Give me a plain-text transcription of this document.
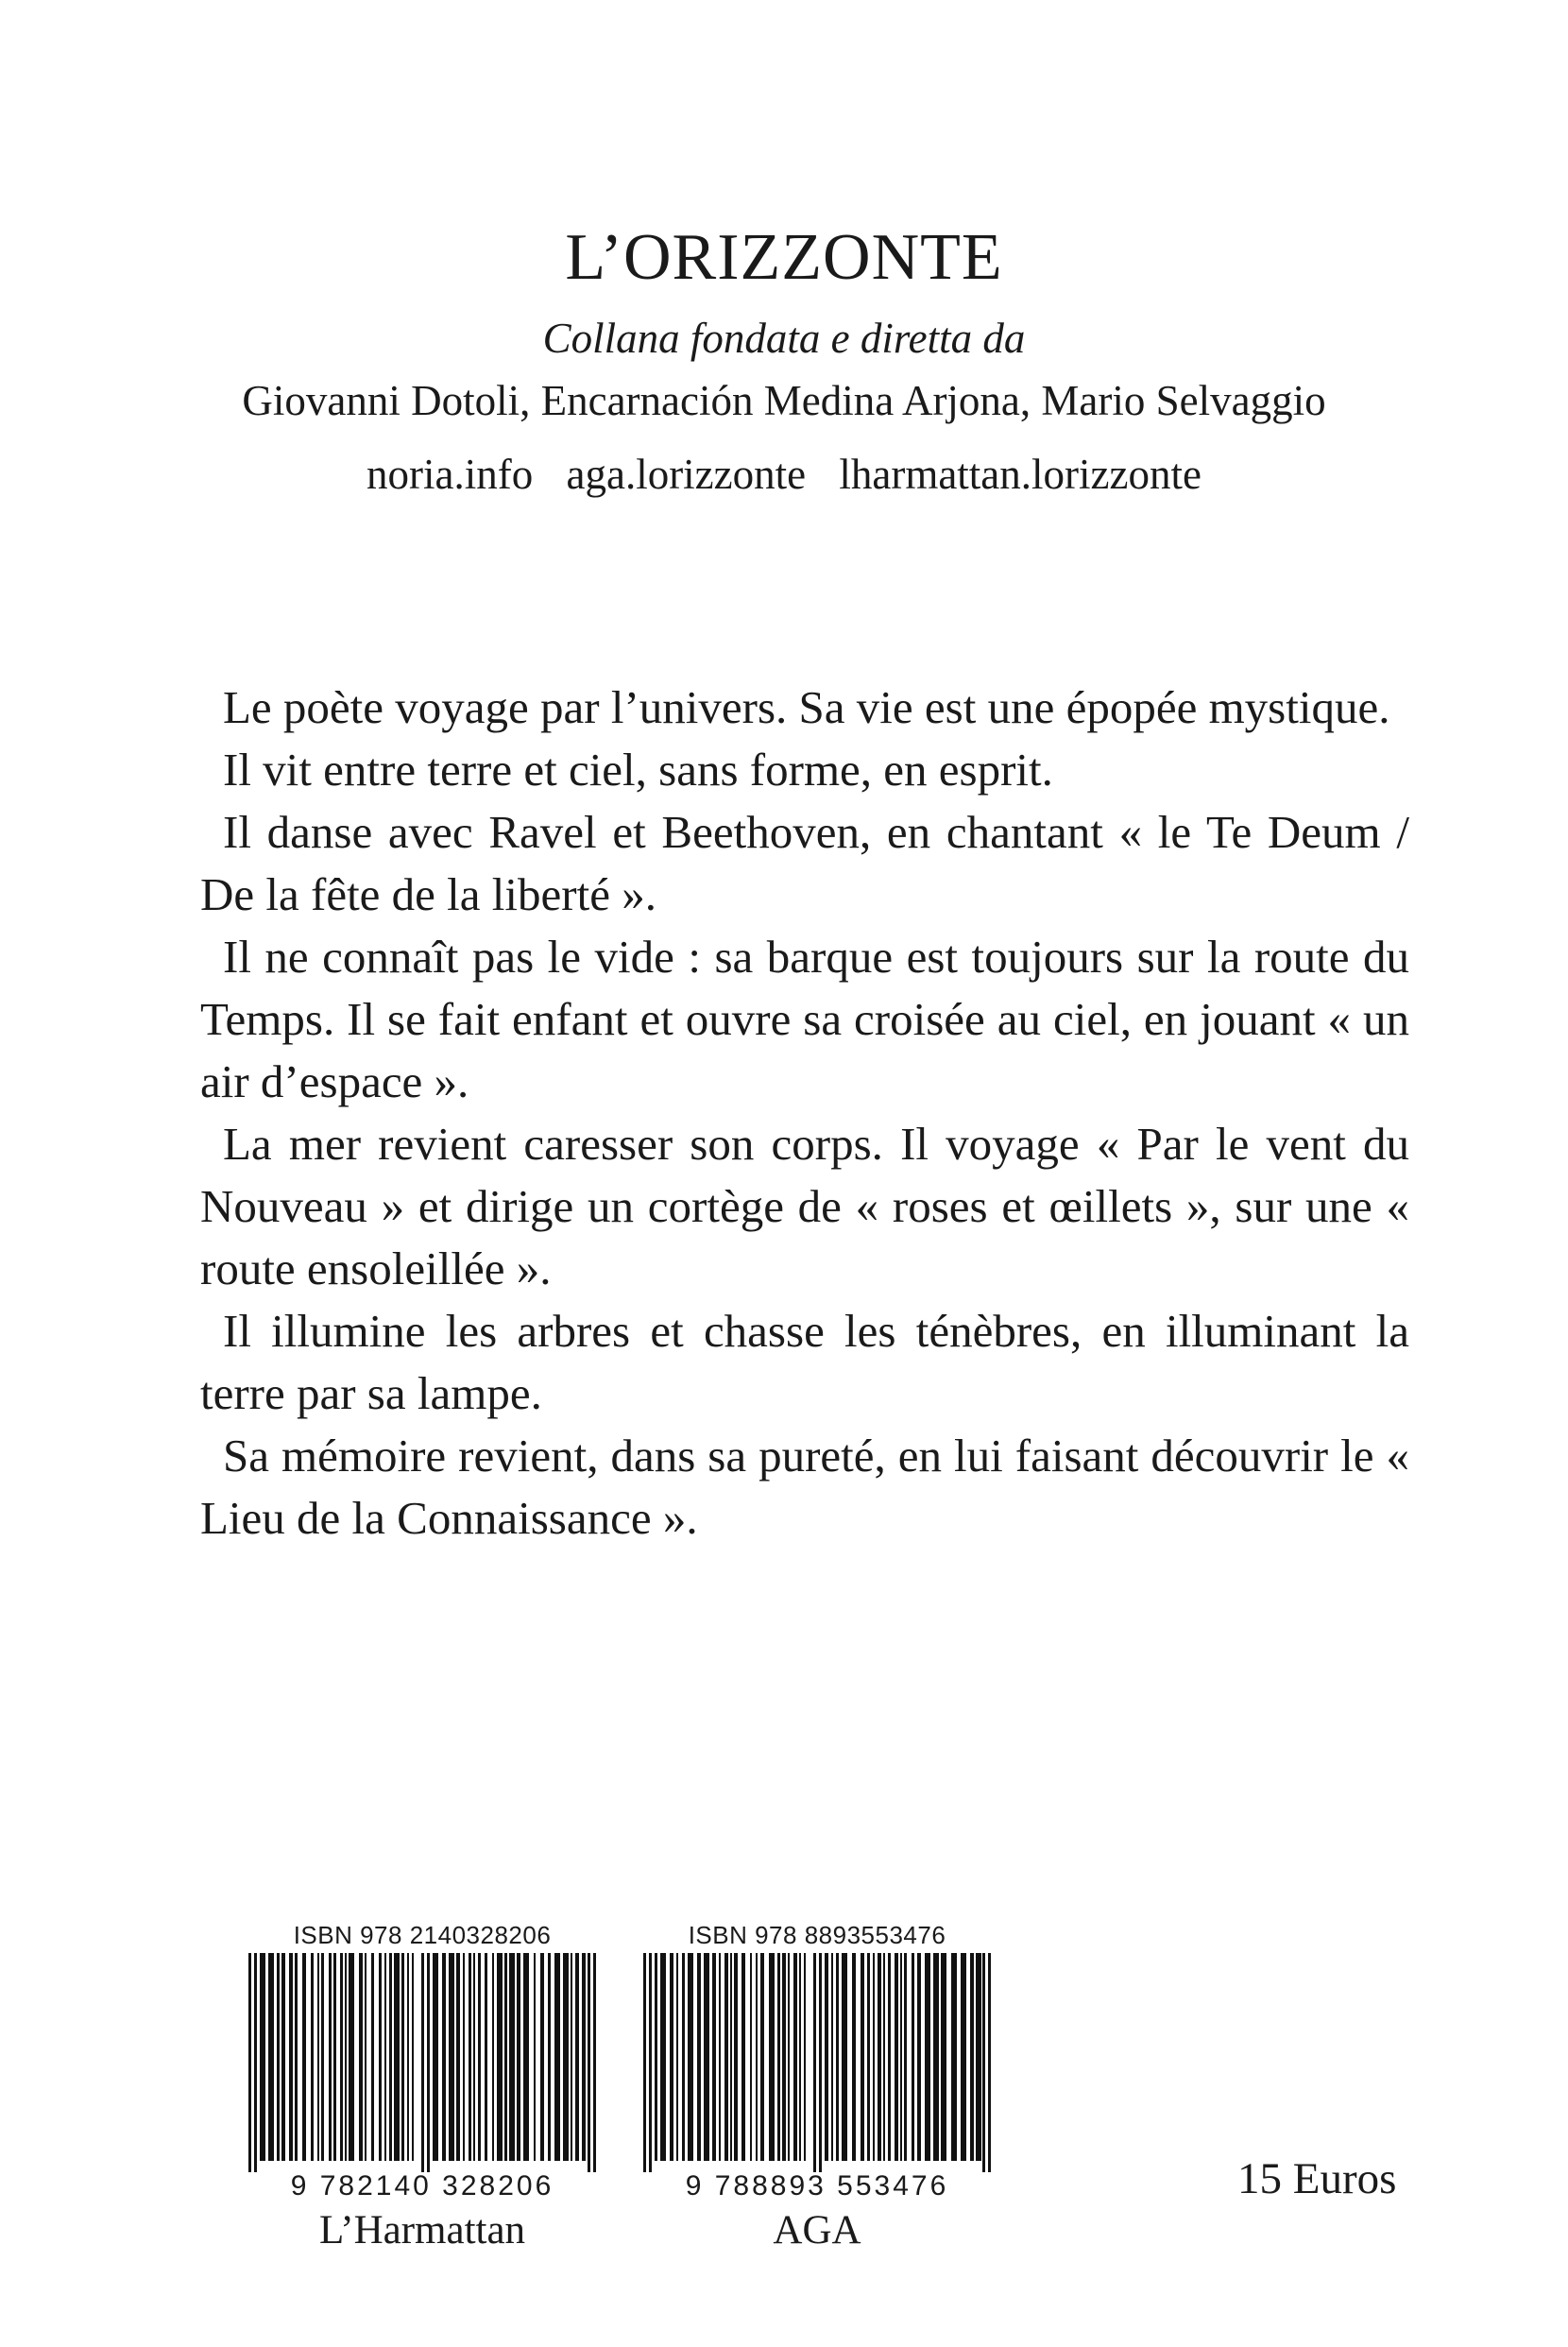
L’ORIZZONTE
Collana fondata e diretta da
Giovanni Dotoli, Encarnación Medina Arjona, Mario Selvaggio
noria.info aga.lorizzonte lharmattan.lorizzonte

Le poète voyage par l’univers. Sa vie est une épopée mystique.

Il vit entre terre et ciel, sans forme, en esprit.

Il danse avec Ravel et Beethoven, en chantant « le Te Deum / De la fête de la liberté ».

Il ne connaît pas le vide : sa barque est toujours sur la route du Temps. Il se fait enfant et ouvre sa croisée au ciel, en jouant « un air d’espace ».

La mer revient caresser son corps. Il voyage « Par le vent du Nouveau » et dirige un cortège de « roses et œillets », sur une « route ensoleillée ».

Il illumine les arbres et chasse les ténèbres, en illuminant la terre par sa lampe.

Sa mémoire revient, dans sa pureté, en lui faisant découvrir le « Lieu de la Connaissance ».

ISBN 978 2140328206
9 782140 328206
L’Harmattan
ISBN 978 8893553476
9 788893 553476
AGA
15 Euros
